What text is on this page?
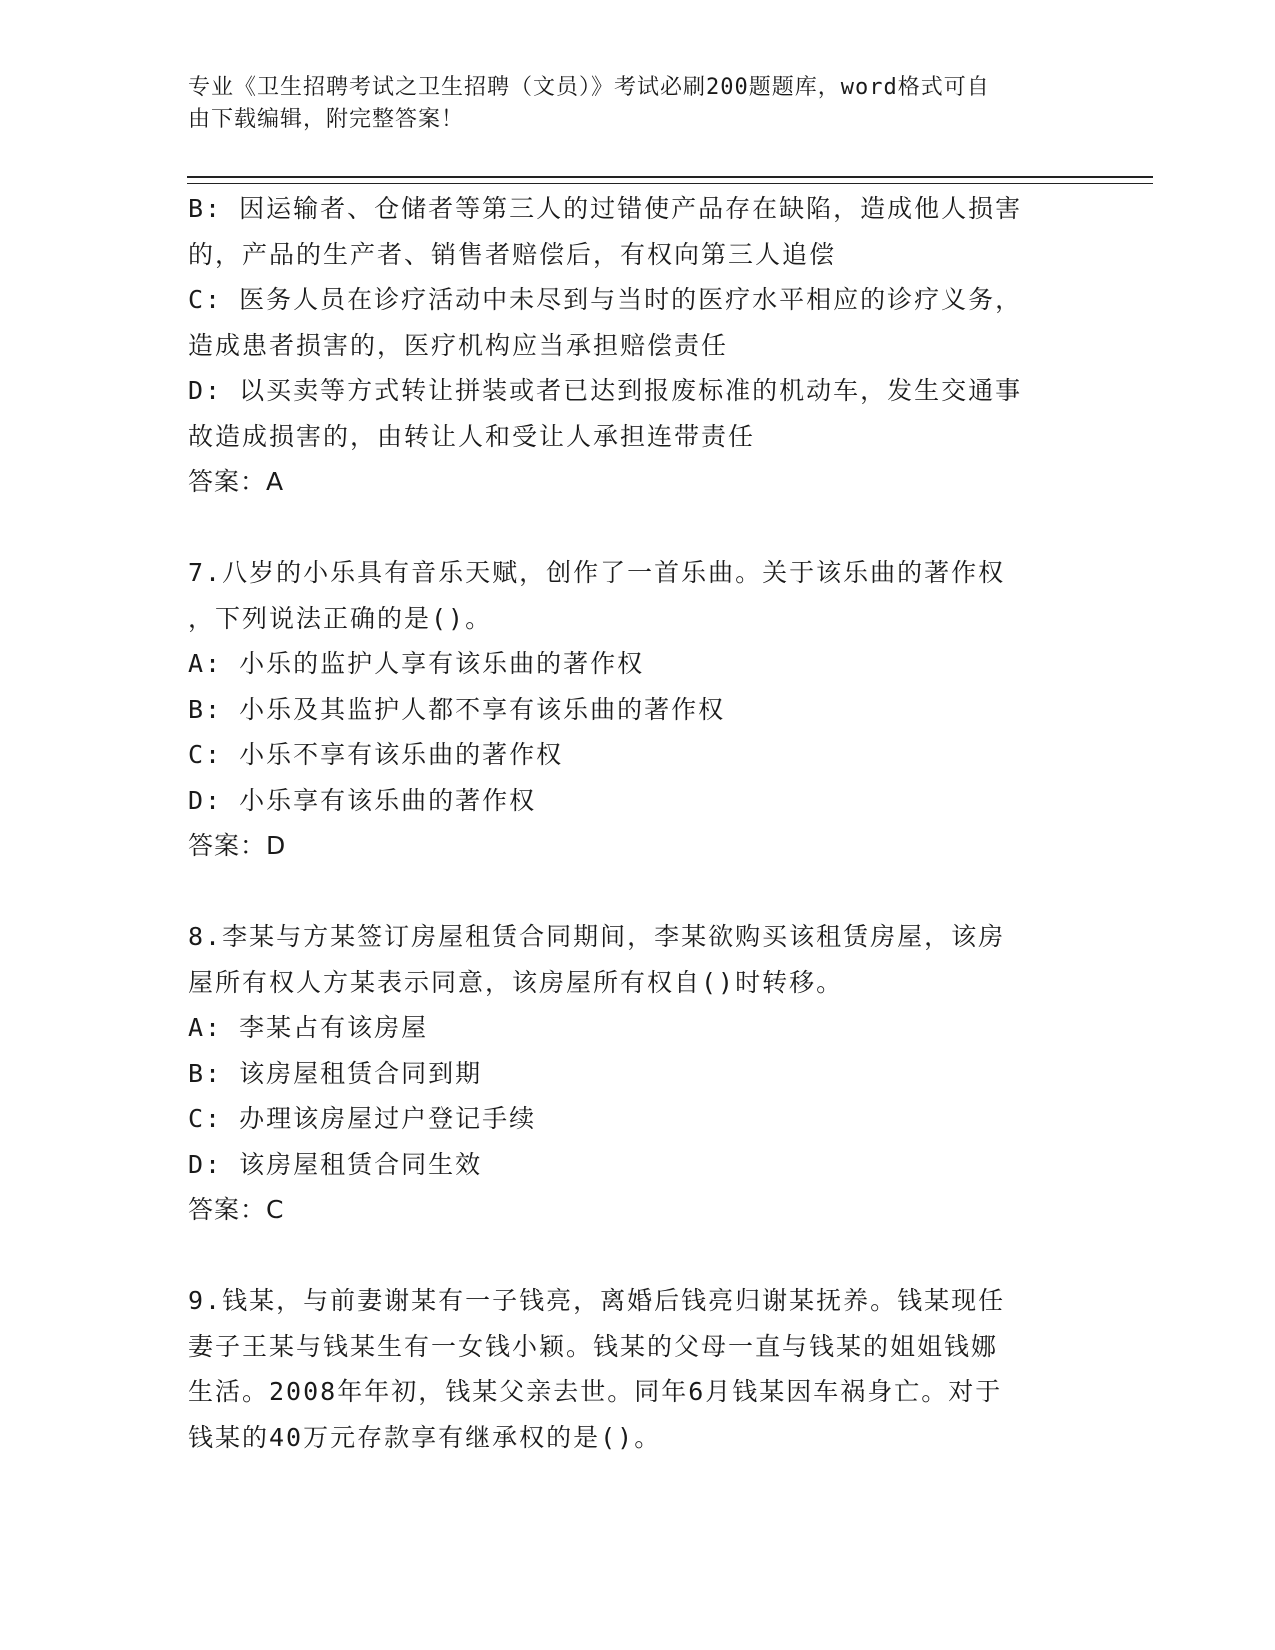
专业《卫生招聘考试之卫生招聘（文员）》考试必刷200题题库，word格式可自
由下载编辑，附完整答案！
B: 因运输者、仓储者等第三人的过错使产品存在缺陷，造成他人损害
的，产品的生产者、销售者赔偿后，有权向第三人追偿
C: 医务人员在诊疗活动中未尽到与当时的医疗水平相应的诊疗义务，
造成患者损害的，医疗机构应当承担赔偿责任
D: 以买卖等方式转让拼装或者已达到报废标准的机动车，发生交通事
故造成损害的，由转让人和受让人承担连带责任
答案：A
7.八岁的小乐具有音乐天赋，创作了一首乐曲。关于该乐曲的著作权
，下列说法正确的是()。
A: 小乐的监护人享有该乐曲的著作权
B: 小乐及其监护人都不享有该乐曲的著作权
C: 小乐不享有该乐曲的著作权
D: 小乐享有该乐曲的著作权
答案：D
8.李某与方某签订房屋租赁合同期间，李某欲购买该租赁房屋，该房
屋所有权人方某表示同意，该房屋所有权自()时转移。
A: 李某占有该房屋
B: 该房屋租赁合同到期
C: 办理该房屋过户登记手续
D: 该房屋租赁合同生效
答案：C
9.钱某，与前妻谢某有一子钱亮，离婚后钱亮归谢某抚养。钱某现任
妻子王某与钱某生有一女钱小颖。钱某的父母一直与钱某的姐姐钱娜
生活。2008年年初，钱某父亲去世。同年6月钱某因车祸身亡。对于
钱某的40万元存款享有继承权的是()。
